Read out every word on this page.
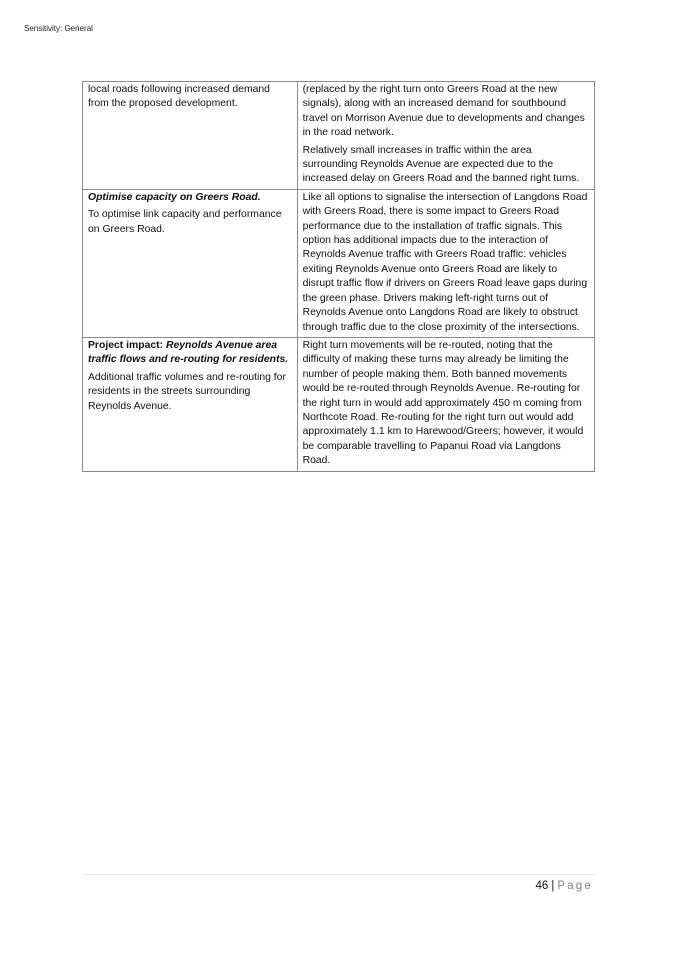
Sensitivity: General

local roads following increased demand from the proposed development.	(replaced by the right turn onto Greers Road at the new signals), along with an increased demand for southbound travel on Morrison Avenue due to developments and changes in the road network.

Relatively small increases in traffic within the area surrounding Reynolds Avenue are expected due to the increased delay on Greers Road and the banned right turns.

Optimise capacity on Greers Road.

To optimise link capacity and performance on Greers Road.	Like all options to signalise the intersection of Langdons Road with Greers Road, there is some impact to Greers Road performance due to the installation of traffic signals. This option has additional impacts due to the interaction of Reynolds Avenue traffic with Greers Road traffic: vehicles exiting Reynolds Avenue onto Greers Road are likely to disrupt traffic flow if drivers on Greers Road leave gaps during the green phase. Drivers making left-right turns out of Reynolds Avenue onto Langdons Road are likely to obstruct through traffic due to the close proximity of the intersections.

Project impact: Reynolds Avenue area traffic flows and re-routing for residents.

Additional traffic volumes and re-routing for residents in the streets surrounding Reynolds Avenue.	Right turn movements will be re-routed, noting that the difficulty of making these turns may already be limiting the number of people making them. Both banned movements would be re-routed through Reynolds Avenue. Re-routing for the right turn in would add approximately 450 m coming from Northcote Road. Re-routing for the right turn out would add approximately 1.1 km to Harewood/Greers; however, it would be comparable travelling to Papanui Road via Langdons Road.

46 | Page
